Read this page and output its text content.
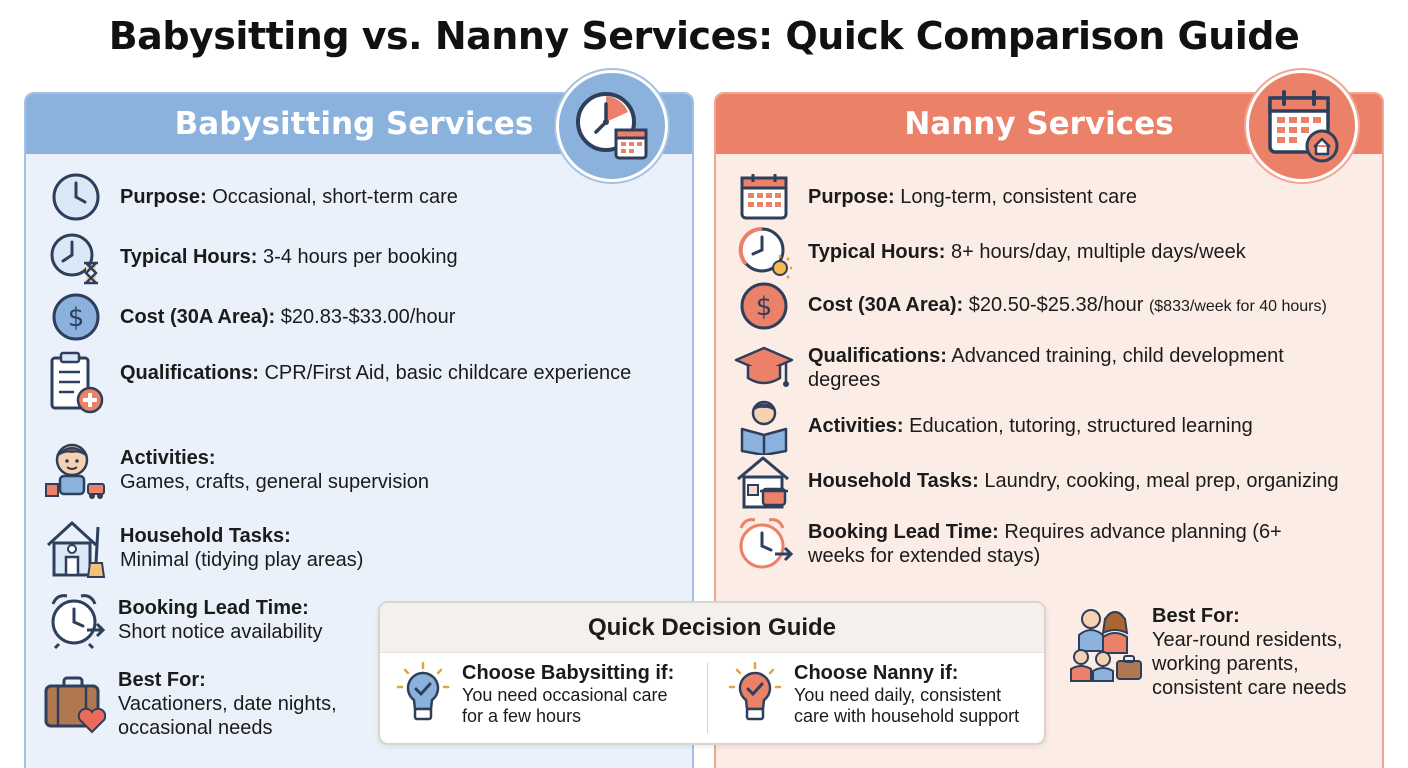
Babysitting vs. Nanny Services: Quick Comparison Guide
Babysitting Services
Purpose: Occasional, short-term care
Typical Hours: 3-4 hours per booking
$ Cost (30A Area): $20.83-$33.00/hour
Qualifications: CPR/First Aid, basic childcare experience
Activities:
Games, crafts, general supervision
Household Tasks:
Minimal (tidying play areas)
Booking Lead Time:
Short notice availability
Best For:
Vacationers, date nights,
occasional needs
Nanny Services
Purpose: Long-term, consistent care
Typical Hours: 8+ hours/day, multiple days/week
$ Cost (30A Area): $20.50-$25.38/hour ($833/week for 40 hours)
Qualifications: Advanced training, child development
degrees
Activities: Education, tutoring, structured learning
Household Tasks: Laundry, cooking, meal prep, organizing
Booking Lead Time: Requires advance planning (6+
weeks for extended stays)
Best For:
Year-round residents,
working parents,
consistent care needs
Quick Decision Guide
Choose Babysitting if:
You need occasional care
for a few hours
Choose Nanny if:
You need daily, consistent
care with household support
